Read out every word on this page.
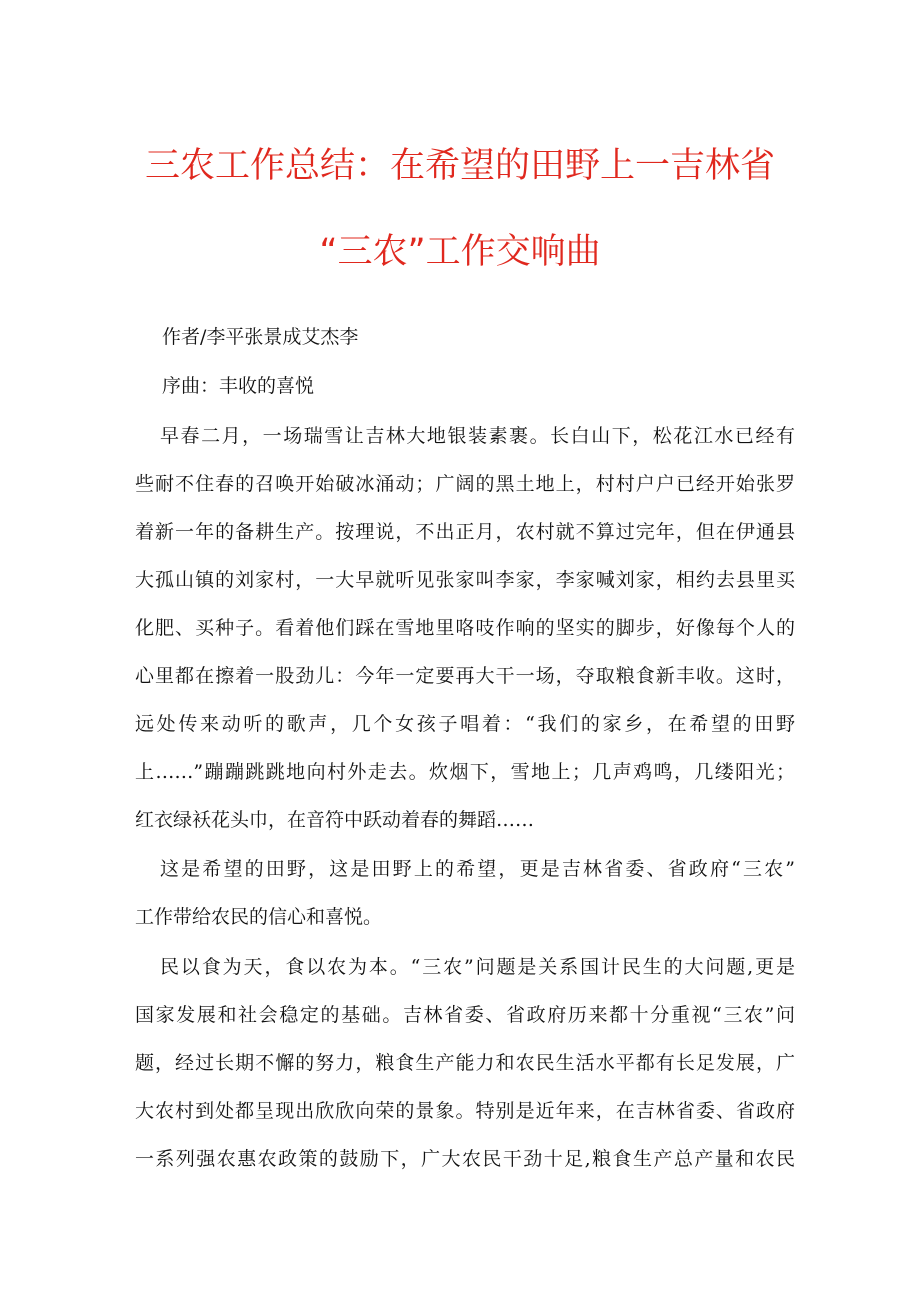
三农工作总结：在希望的田野上一吉林省
“三农”工作交响曲

作者/李平张景成艾杰李

序曲：丰收的喜悦

早春二月，一场瑞雪让吉林大地银装素裹。长白山下，松花江水已经有
些耐不住春的召唤开始破冰涌动；广阔的黑土地上，村村户户已经开始张罗
着新一年的备耕生产。按理说，不出正月，农村就不算过完年，但在伊通县
大孤山镇的刘家村，一大早就听见张家叫李家，李家喊刘家，相约去县里买
化肥、买种子。看着他们踩在雪地里咯吱作响的坚实的脚步，好像每个人的
心里都在擦着一股劲儿：今年一定要再大干一场，夺取粮食新丰收。这时，
远处传来动听的歌声，几个女孩子唱着：“我们的家乡，在希望的田野
上……”蹦蹦跳跳地向村外走去。炊烟下，雪地上；几声鸡鸣，几缕阳光；
红衣绿袄花头巾，在音符中跃动着春的舞蹈……
这是希望的田野，这是田野上的希望，更是吉林省委、省政府“三农”
工作带给农民的信心和喜悦。
民以食为天，食以农为本。“三农”问题是关系国计民生的大问题,更是
国家发展和社会稳定的基础。吉林省委、省政府历来都十分重视“三农”问
题，经过长期不懈的努力，粮食生产能力和农民生活水平都有长足发展，广
大农村到处都呈现出欣欣向荣的景象。特别是近年来，在吉林省委、省政府
一系列强农惠农政策的鼓励下，广大农民干劲十足,粮食生产总产量和农民
